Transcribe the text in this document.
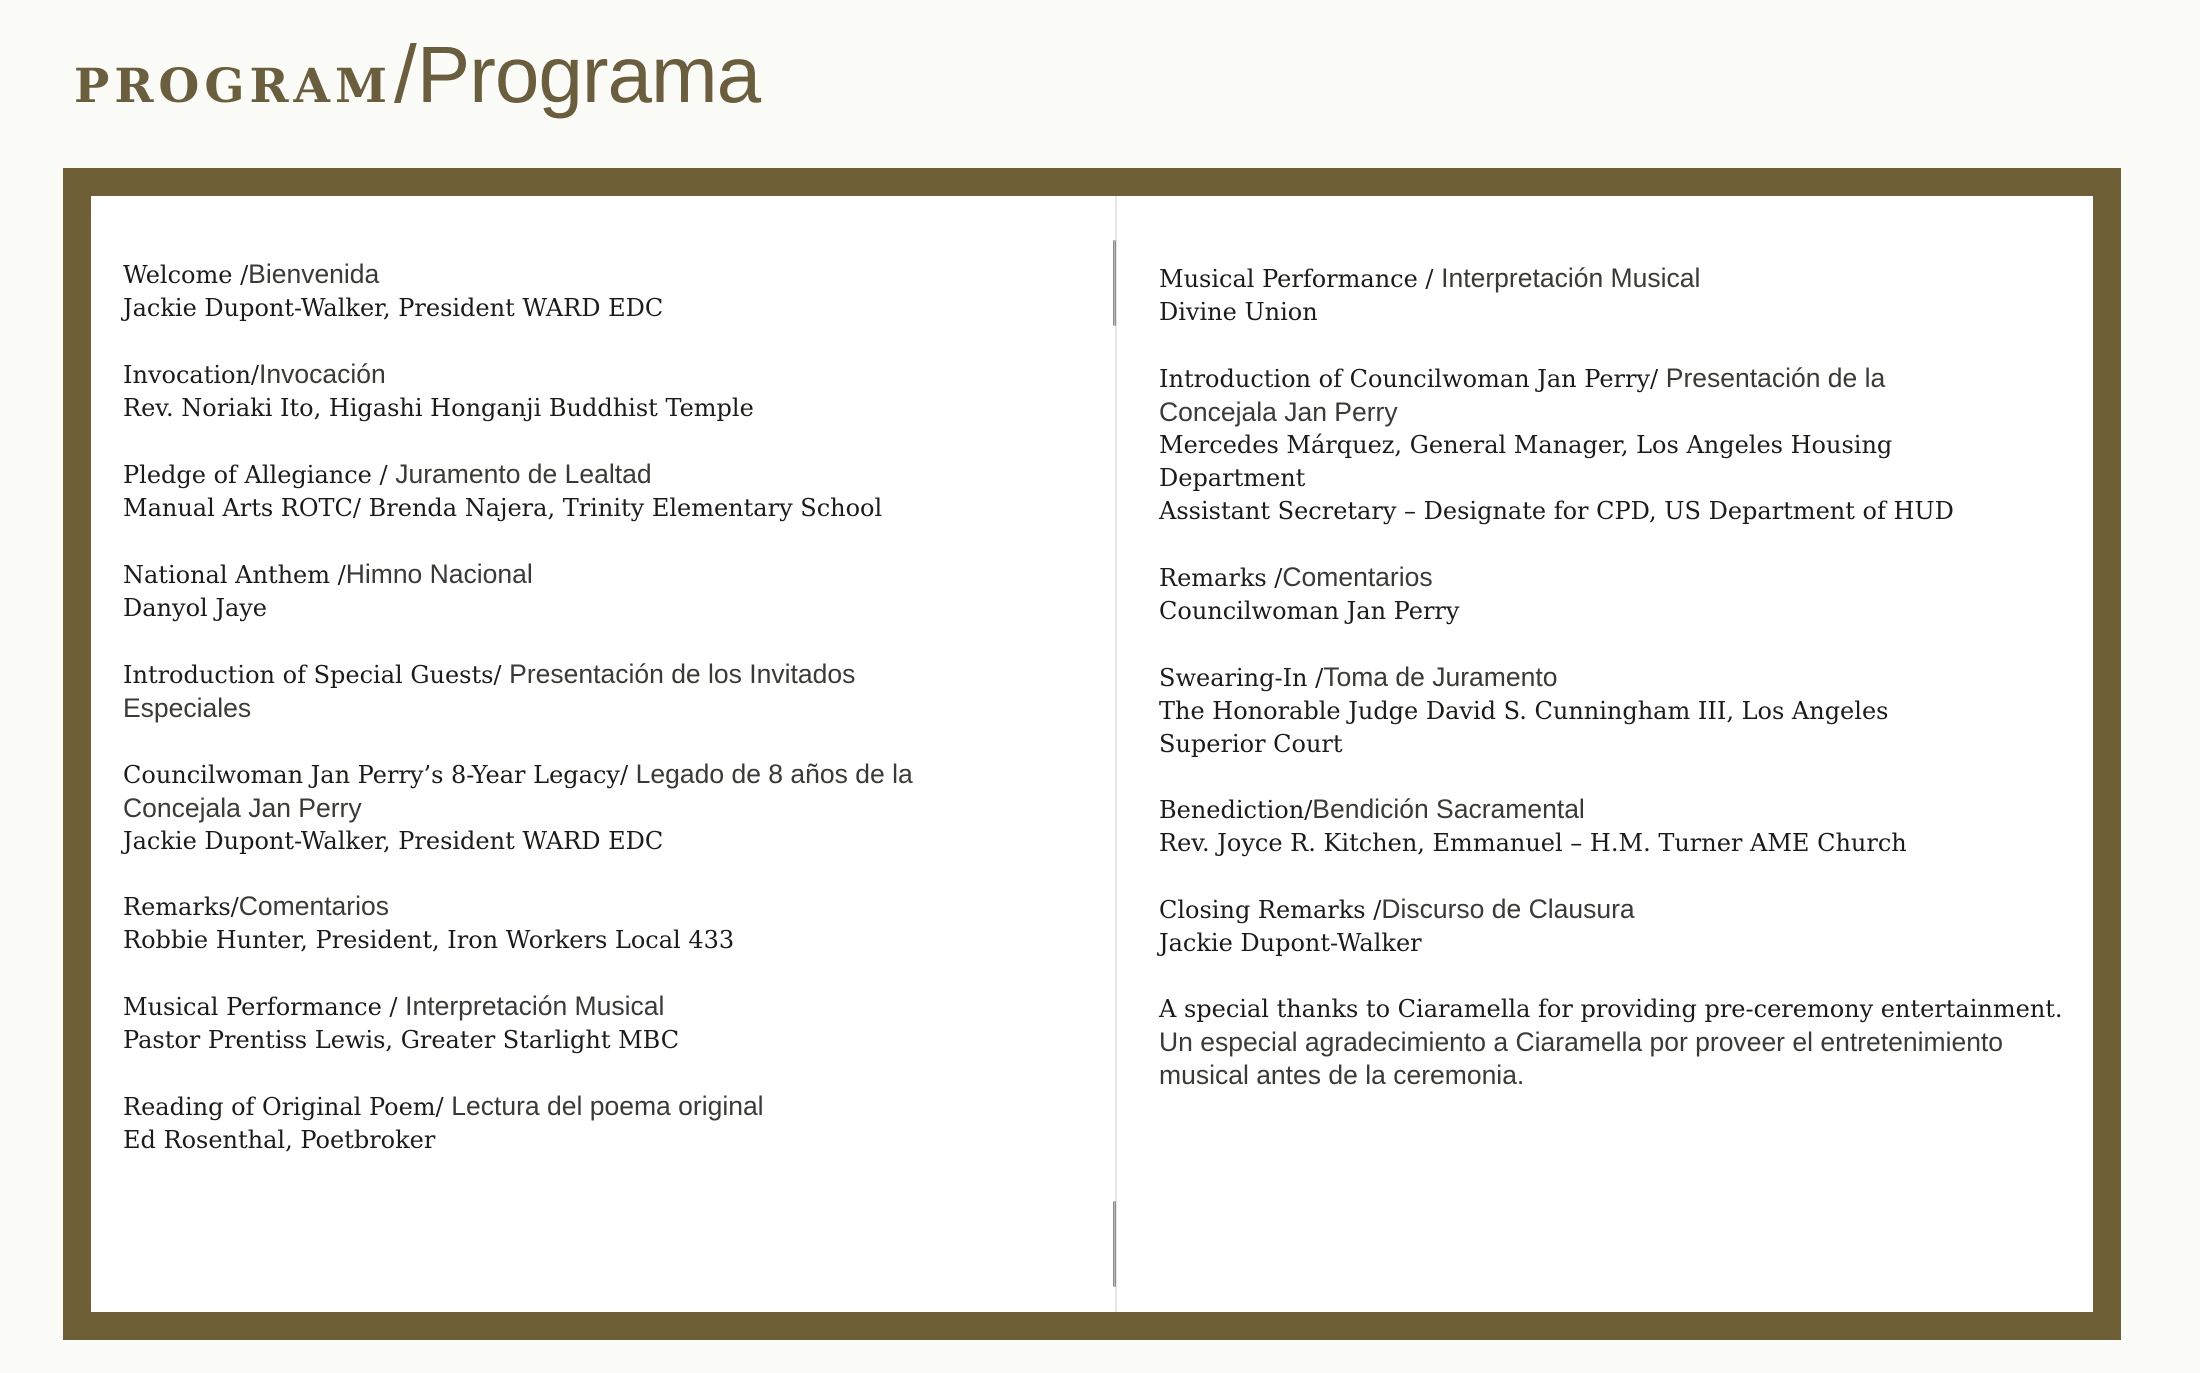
PROGRAM/Programa
Welcome /Bienvenida
Jackie Dupont-Walker, President WARD EDC
Invocation/Invocación
Rev. Noriaki Ito, Higashi Honganji Buddhist Temple
Pledge of Allegiance / Juramento de Lealtad
Manual Arts ROTC/ Brenda Najera, Trinity Elementary School
National Anthem /Himno Nacional
Danyol Jaye
Introduction of Special Guests/ Presentación de los Invitados Especiales
Councilwoman Jan Perry’s 8-Year Legacy/ Legado de 8 años de la Concejala Jan Perry
Jackie Dupont-Walker, President WARD EDC
Remarks/Comentarios
Robbie Hunter, President, Iron Workers Local 433
Musical Performance / Interpretación Musical
Pastor Prentiss Lewis, Greater Starlight MBC
Reading of Original Poem/ Lectura del poema original
Ed Rosenthal, Poetbroker
Musical Performance / Interpretación Musical
Divine Union
Introduction of Councilwoman Jan Perry/ Presentación de la Concejala Jan Perry
Mercedes Márquez, General Manager, Los Angeles Housing Department
Assistant Secretary – Designate for CPD, US Department of HUD
Remarks /Comentarios
Councilwoman Jan Perry
Swearing-In /Toma de Juramento
The Honorable Judge David S. Cunningham III, Los Angeles Superior Court
Benediction/Bendición Sacramental
Rev. Joyce R. Kitchen, Emmanuel – H.M. Turner AME Church
Closing Remarks /Discurso de Clausura
Jackie Dupont-Walker
A special thanks to Ciaramella for providing pre-ceremony entertainment. Un especial agradecimiento a Ciaramella por proveer el entretenimiento musical antes de la ceremonia.
